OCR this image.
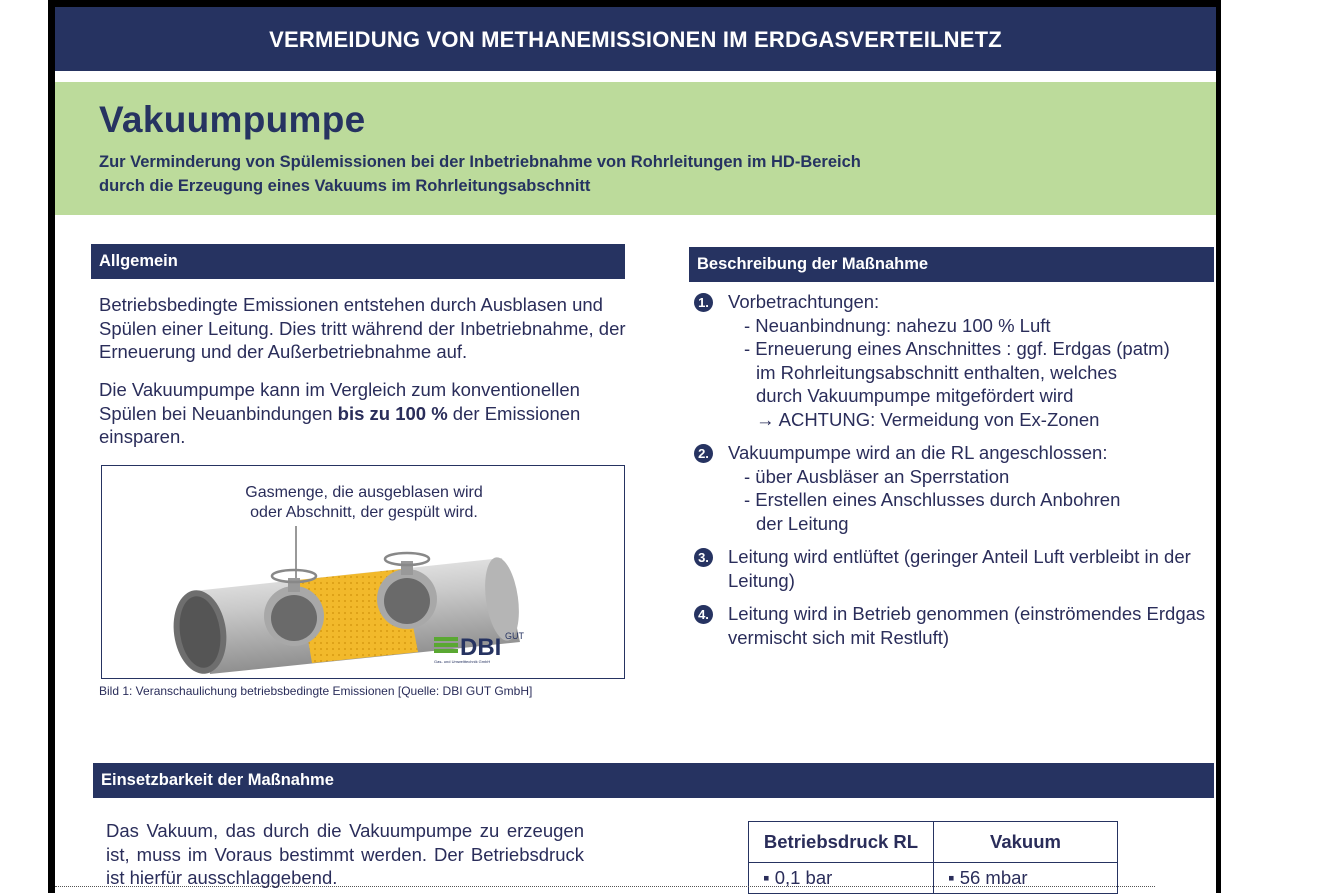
VERMEIDUNG VON METHANEMISSIONEN IM ERDGASVERTEILNETZ
Vakuumpumpe
Zur Verminderung von Spülemissionen bei der Inbetriebnahme von Rohrleitungen im HD-Bereich
durch die Erzeugung eines Vakuums im Rohrleitungsabschnitt
Allgemein
Betriebsbedingte Emissionen entstehen durch Ausblasen und Spülen einer Leitung. Dies tritt während der Inbetriebnahme, der Erneuerung und der Außerbetriebnahme auf.
Die Vakuumpumpe kann im Vergleich zum konventionellen Spülen bei Neuanbindungen bis zu 100 % der Emissionen einsparen.
Gasmenge, die ausgeblasen wird
oder Abschnitt, der gespült wird.
DBI GUT
Gas- und Umwelttechnik GmbH
Bild 1: Veranschaulichung betriebsbedingte Emissionen [Quelle: DBI GUT GmbH]
Beschreibung der Maßnahme
1. Vorbetrachtungen:
- Neuanbindnung: nahezu 100 % Luft
- Erneuerung eines Anschnittes : ggf. Erdgas (patm)
im Rohrleitungsabschnitt enthalten, welches
durch Vakuumpumpe mitgefördert wird
→ ACHTUNG: Vermeidung von Ex-Zonen
2. Vakuumpumpe wird an die RL angeschlossen:
- über Ausbläser an Sperrstation
- Erstellen eines Anschlusses durch Anbohren
der Leitung
3. Leitung wird entlüftet (geringer Anteil Luft verbleibt in der Leitung)
4. Leitung wird in Betrieb genommen (einströmendes Erdgas vermischt sich mit Restluft)
Einsetzbarkeit der Maßnahme
Das Vakuum, das durch die Vakuumpumpe zu erzeugen ist, muss im Voraus bestimmt werden. Der Betriebsdruck ist hierfür ausschlaggebend.
Betriebsdruck RL	Vakuum
▪ 0,1 bar	▪ 56 mbar
